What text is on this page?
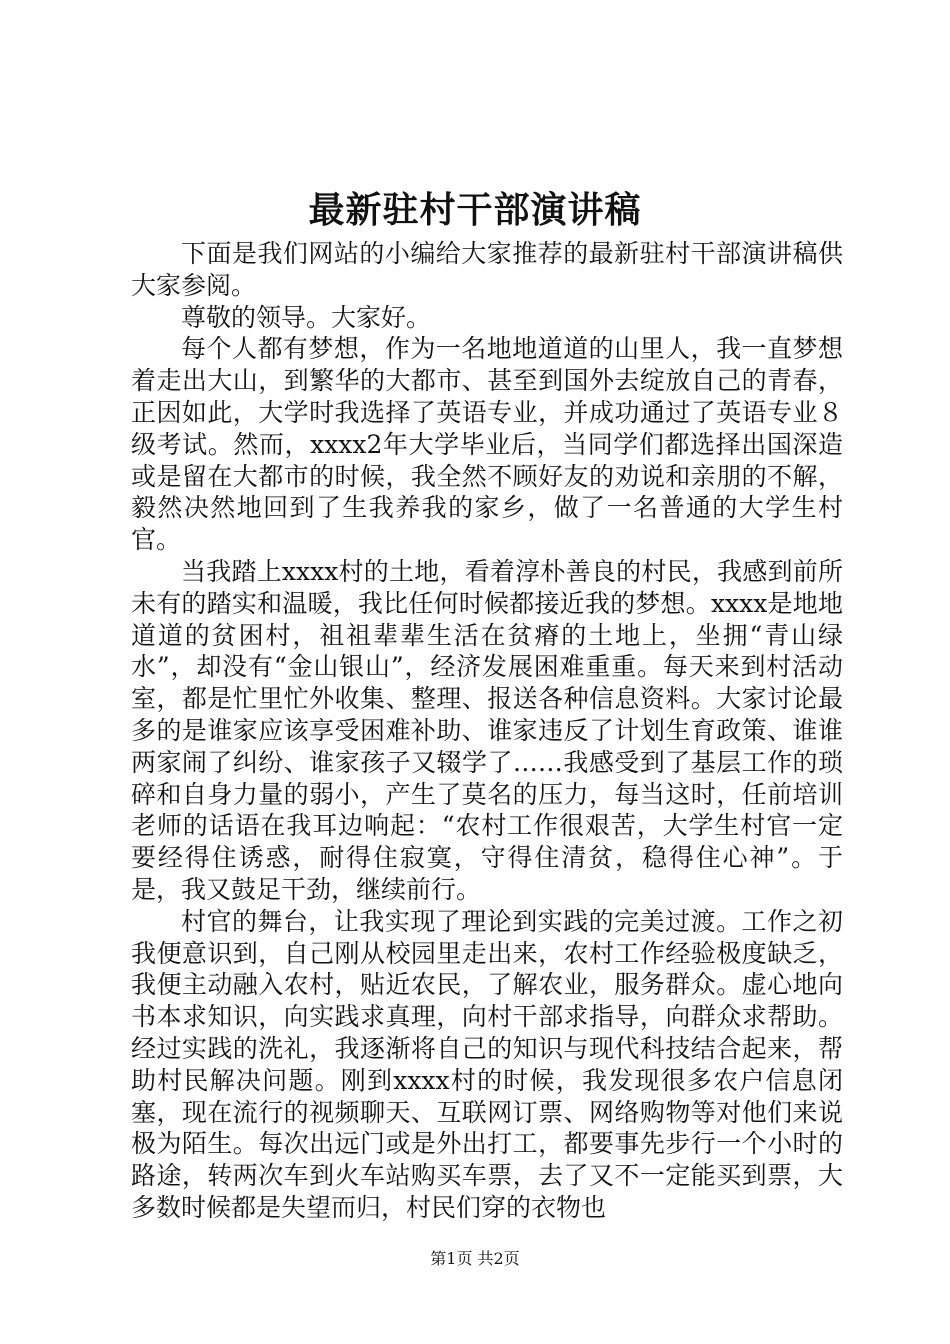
最新驻村干部演讲稿

下面是我们网站的小编给大家推荐的最新驻村干部演讲稿供大家参阅。

尊敬的领导。大家好。

每个人都有梦想，作为一名地地道道的山里人，我一直梦想着走出大山，到繁华的大都市、甚至到国外去绽放自己的青春，正因如此，大学时我选择了英语专业，并成功通过了英语专业８级考试。然而，xxxx2年大学毕业后，当同学们都选择出国深造或是留在大都市的时候，我全然不顾好友的劝说和亲朋的不解，毅然决然地回到了生我养我的家乡，做了一名普通的大学生村官。

当我踏上xxxx村的土地，看着淳朴善良的村民，我感到前所未有的踏实和温暖，我比任何时候都接近我的梦想。xxxx是地地道道的贫困村，祖祖辈辈生活在贫瘠的土地上，坐拥“青山绿水”，却没有“金山银山”，经济发展困难重重。每天来到村活动室，都是忙里忙外收集、整理、报送各种信息资料。大家讨论最多的是谁家应该享受困难补助、谁家违反了计划生育政策、谁谁两家闹了纠纷、谁家孩子又辍学了……我感受到了基层工作的琐碎和自身力量的弱小，产生了莫名的压力，每当这时，任前培训老师的话语在我耳边响起：“农村工作很艰苦，大学生村官一定要经得住诱惑，耐得住寂寞，守得住清贫，稳得住心神”。于是，我又鼓足干劲，继续前行。

村官的舞台，让我实现了理论到实践的完美过渡。工作之初我便意识到，自己刚从校园里走出来，农村工作经验极度缺乏，我便主动融入农村，贴近农民，了解农业，服务群众。虚心地向书本求知识，向实践求真理，向村干部求指导，向群众求帮助。经过实践的洗礼，我逐渐将自己的知识与现代科技结合起来，帮助村民解决问题。刚到xxxx村的时候，我发现很多农户信息闭塞，现在流行的视频聊天、互联网订票、网络购物等对他们来说极为陌生。每次出远门或是外出打工，都要事先步行一个小时的路途，转两次车到火车站购买车票，去了又不一定能买到票，大多数时候都是失望而归，村民们穿的衣物也

第1页 共2页
